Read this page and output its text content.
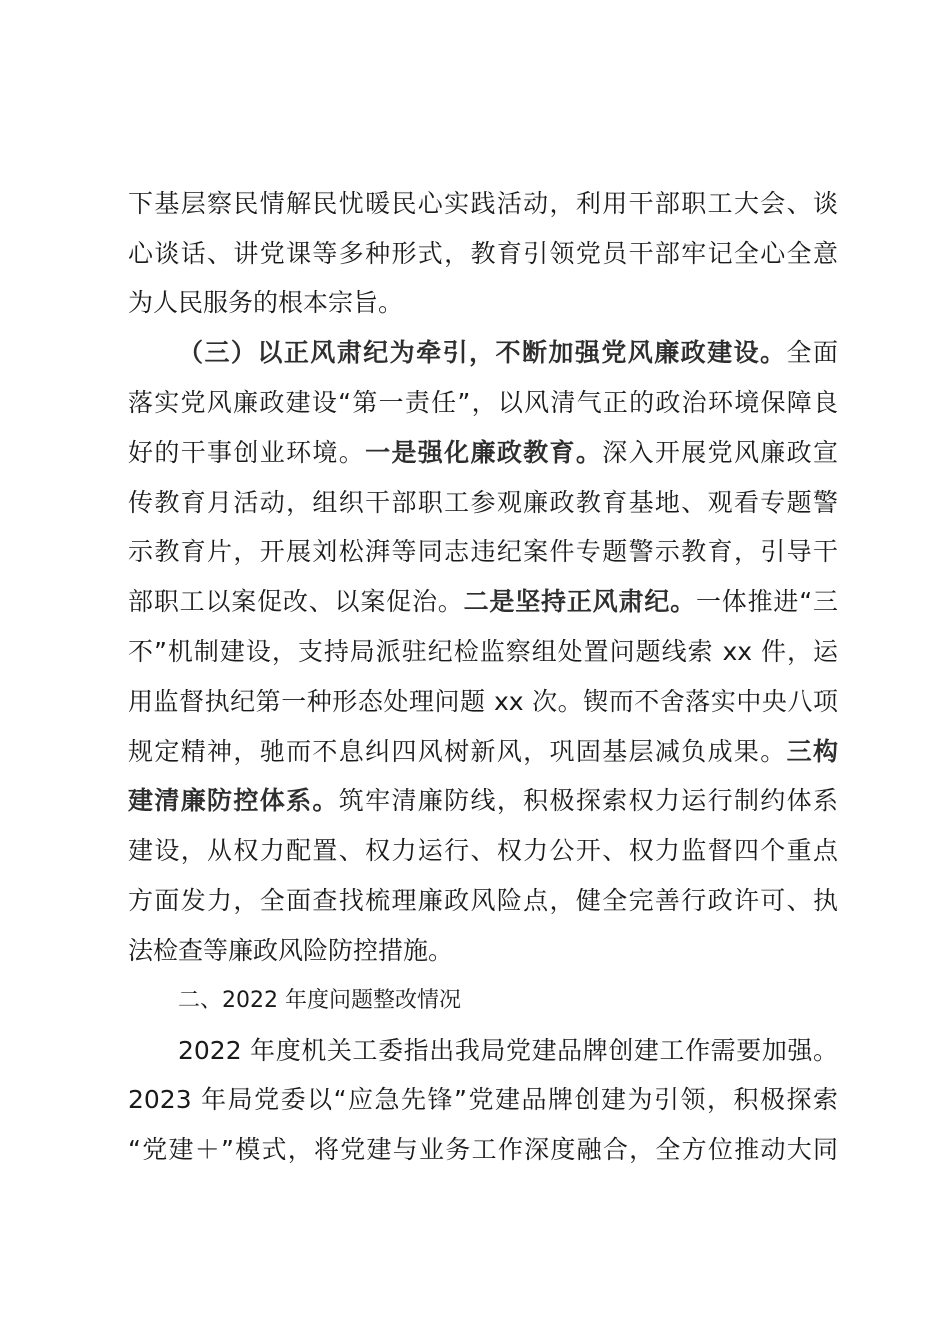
下基层察民情解民忧暖民心实践活动，利用干部职工大会、谈
心谈话、讲党课等多种形式，教育引领党员干部牢记全心全意
为人民服务的根本宗旨。
（三）以正风肃纪为牵引，不断加强党风廉政建设。全面
落实党风廉政建设“第一责任”，以风清气正的政治环境保障良
好的干事创业环境。一是强化廉政教育。深入开展党风廉政宣
传教育月活动，组织干部职工参观廉政教育基地、观看专题警
示教育片，开展刘松湃等同志违纪案件专题警示教育，引导干
部职工以案促改、以案促治。二是坚持正风肃纪。一体推进“三
不”机制建设，支持局派驻纪检监察组处置问题线索 xx 件，运
用监督执纪第一种形态处理问题 xx 次。锲而不舍落实中央八项
规定精神，驰而不息纠四风树新风，巩固基层减负成果。三构
建清廉防控体系。筑牢清廉防线，积极探索权力运行制约体系
建设，从权力配置、权力运行、权力公开、权力监督四个重点
方面发力，全面查找梳理廉政风险点，健全完善行政许可、执
法检查等廉政风险防控措施。
二、2022 年度问题整改情况
2022 年度机关工委指出我局党建品牌创建工作需要加强。
2023 年局党委以“应急先锋”党建品牌创建为引领，积极探索
“党建＋”模式，将党建与业务工作深度融合，全方位推动大同
